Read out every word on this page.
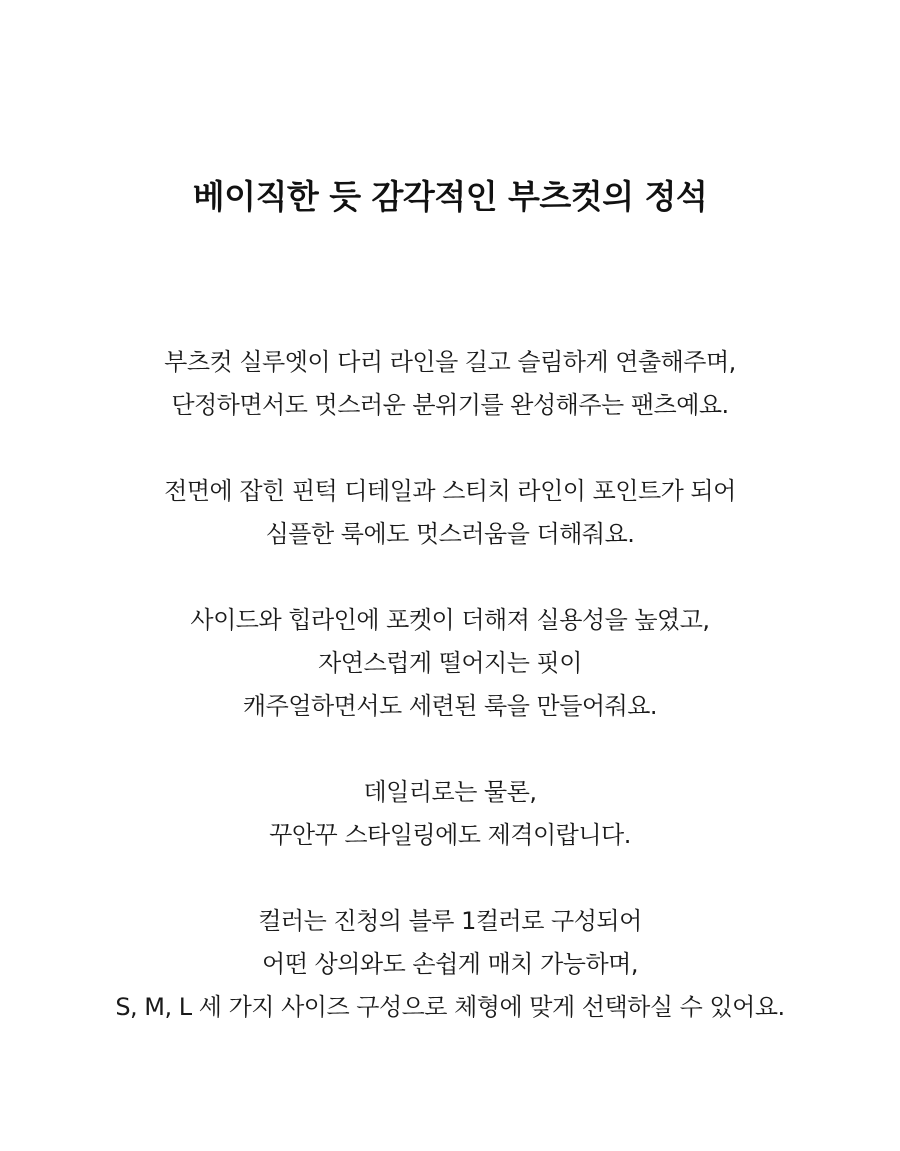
베이직한 듯 감각적인 부츠컷의 정석
부츠컷 실루엣이 다리 라인을 길고 슬림하게 연출해주며,
단정하면서도 멋스러운 분위기를 완성해주는 팬츠예요.
전면에 잡힌 핀턱 디테일과 스티치 라인이 포인트가 되어
심플한 룩에도 멋스러움을 더해줘요.
사이드와 힙라인에 포켓이 더해져 실용성을 높였고,
자연스럽게 떨어지는 핏이
캐주얼하면서도 세련된 룩을 만들어줘요.
데일리로는 물론,
꾸안꾸 스타일링에도 제격이랍니다.
컬러는 진청의 블루 1컬러로 구성되어
어떤 상의와도 손쉽게 매치 가능하며,
S, M, L 세 가지 사이즈 구성으로 체형에 맞게 선택하실 수 있어요.
